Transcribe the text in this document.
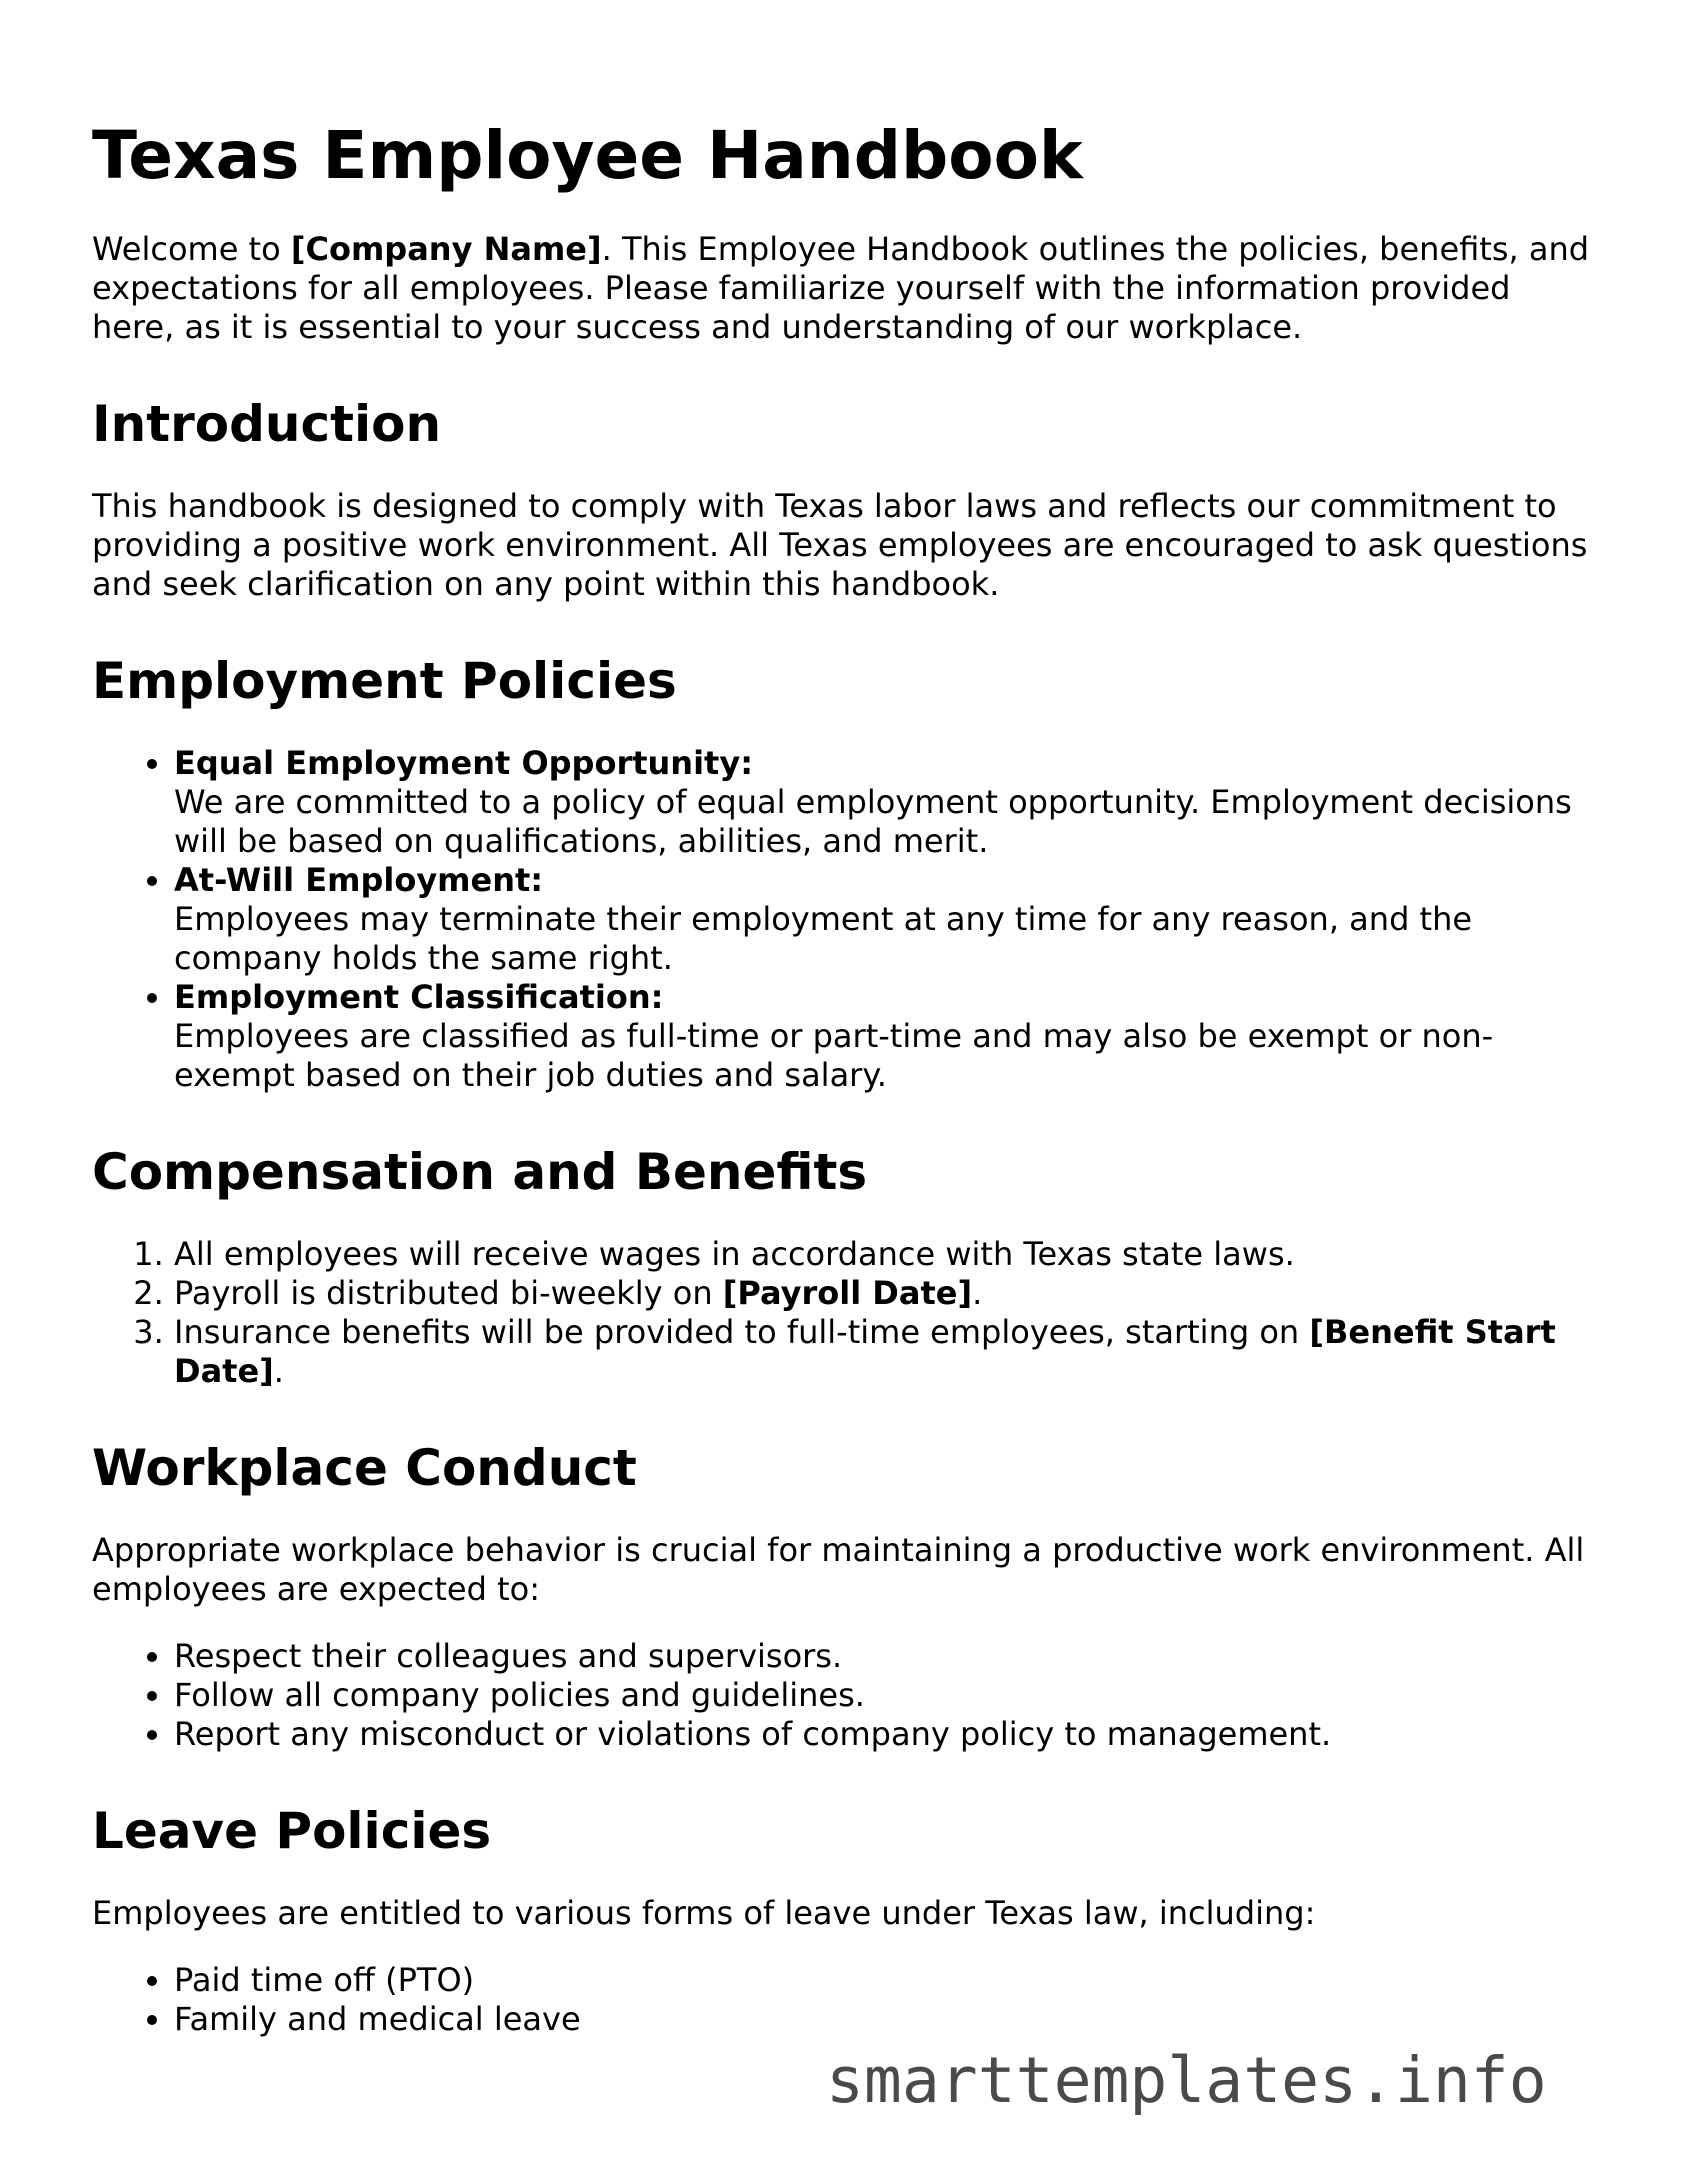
Texas Employee Handbook

Welcome to [Company Name]. This Employee Handbook outlines the policies, benefits, and expectations for all employees. Please familiarize yourself with the information provided here, as it is essential to your success and understanding of our workplace.

Introduction

This handbook is designed to comply with Texas labor laws and reflects our commitment to providing a positive work environment. All Texas employees are encouraged to ask questions and seek clarification on any point within this handbook.

Employment Policies
• Equal Employment Opportunity:
We are committed to a policy of equal employment opportunity. Employment decisions will be based on qualifications, abilities, and merit.
• At-Will Employment:
Employees may terminate their employment at any time for any reason, and the company holds the same right.
• Employment Classification:
Employees are classified as full-time or part-time and may also be exempt or non-exempt based on their job duties and salary.
Compensation and Benefits
1. All employees will receive wages in accordance with Texas state laws.
2. Payroll is distributed bi-weekly on [Payroll Date].
3. Insurance benefits will be provided to full-time employees, starting on [Benefit Start Date].
Workplace Conduct

Appropriate workplace behavior is crucial for maintaining a productive work environment. All employees are expected to:

• Respect their colleagues and supervisors.
• Follow all company policies and guidelines.
• Report any misconduct or violations of company policy to management.
Leave Policies

Employees are entitled to various forms of leave under Texas law, including:

• Paid time off (PTO)
• Family and medical leave
smarttemplates.info
